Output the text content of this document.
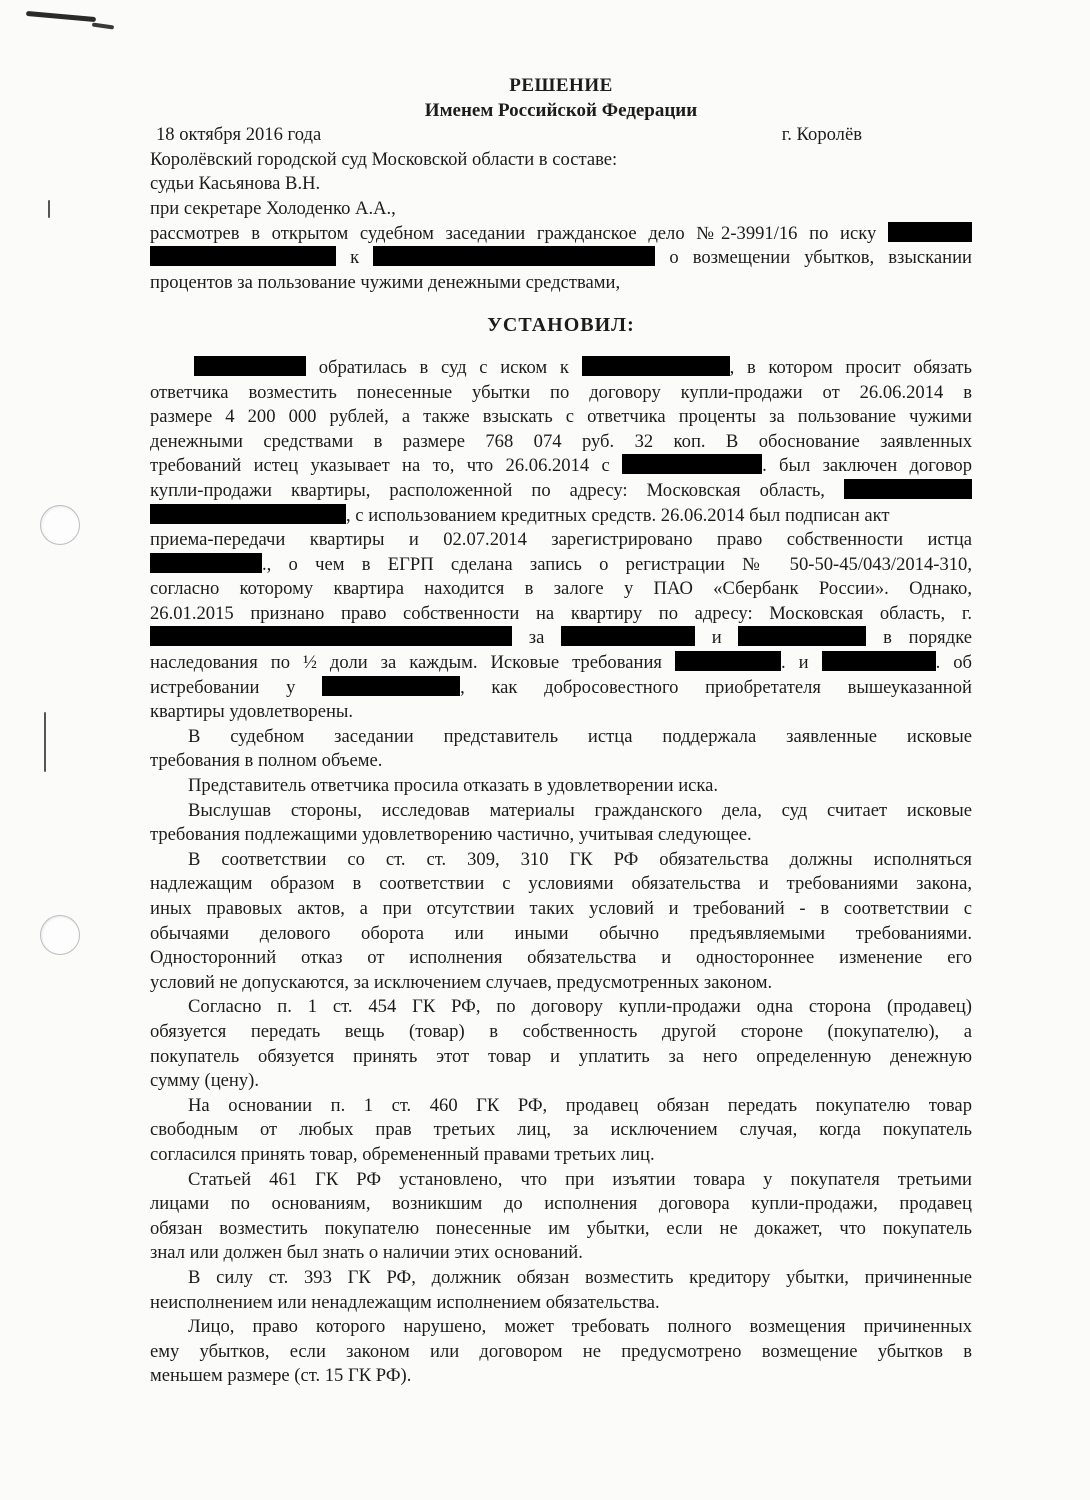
РЕШЕНИЕ
Именем Российской Федерации
18 октября 2016 года	г. Королёв
Королёвский городской суд Московской области в составе:
судьи Касьянова В.Н.
при секретаре Холоденко А.А.,
рассмотрев в открытом судебном заседании гражданское дело №2-3991/16 по иску
к	о возмещении убытков, взыскании
процентов за пользование чужими денежными средствами,
УСТАНОВИЛ:
обратилась в суд с иском к	, в котором просит обязать
ответчика возместить понесенные убытки по договору купли-продажи от 26.06.2014 в
размере 4 200 000 рублей, а также взыскать с ответчика проценты за пользование чужими
денежными средствами в размере 768 074 руб. 32 коп. В обоснование заявленных
требований истец указывает на то, что 26.06.2014 с	. был заключен договор
купли-продажи квартиры, расположенной по адресу: Московская область,
, с использованием кредитных средств. 26.06.2014 был подписан акт
приема-передачи квартиры и 02.07.2014 зарегистрировано право собственности истца
., о чем в ЕГРП сделана запись о регистрации № 50-50-45/043/2014-310,
согласно которому квартира находится в залоге у ПАО «Сбербанк России». Однако,
26.01.2015 признано право собственности на квартиру по адресу: Московская область, г.
за	и	в порядке
наследования по ½ доли за каждым. Исковые требования	. и	. об
истребовании у	, как добросовестного приобретателя вышеуказанной
квартиры удовлетворены.
В судебном заседании представитель истца поддержала заявленные исковые
требования в полном объеме.
Представитель ответчика просила отказать в удовлетворении иска.
Выслушав стороны, исследовав материалы гражданского дела, суд считает исковые
требования подлежащими удовлетворению частично, учитывая следующее.
В соответствии со ст. ст. 309, 310 ГК РФ обязательства должны исполняться
надлежащим образом в соответствии с условиями обязательства и требованиями закона,
иных правовых актов, а при отсутствии таких условий и требований - в соответствии с
обычаями делового оборота или иными обычно предъявляемыми требованиями.
Односторонний отказ от исполнения обязательства и одностороннее изменение его
условий не допускаются, за исключением случаев, предусмотренных законом.
Согласно п. 1 ст. 454 ГК РФ, по договору купли-продажи одна сторона (продавец)
обязуется передать вещь (товар) в собственность другой стороне (покупателю), а
покупатель обязуется принять этот товар и уплатить за него определенную денежную
сумму (цену).
На основании п. 1 ст. 460 ГК РФ, продавец обязан передать покупателю товар
свободным от любых прав третьих лиц, за исключением случая, когда покупатель
согласился принять товар, обремененный правами третьих лиц.
Статьей 461 ГК РФ установлено, что при изъятии товара у покупателя третьими
лицами по основаниям, возникшим до исполнения договора купли-продажи, продавец
обязан возместить покупателю понесенные им убытки, если не докажет, что покупатель
знал или должен был знать о наличии этих оснований.
В силу ст. 393 ГК РФ, должник обязан возместить кредитору убытки, причиненные
неисполнением или ненадлежащим исполнением обязательства.
Лицо, право которого нарушено, может требовать полного возмещения причиненных
ему убытков, если законом или договором не предусмотрено возмещение убытков в
меньшем размере (ст. 15 ГК РФ).
